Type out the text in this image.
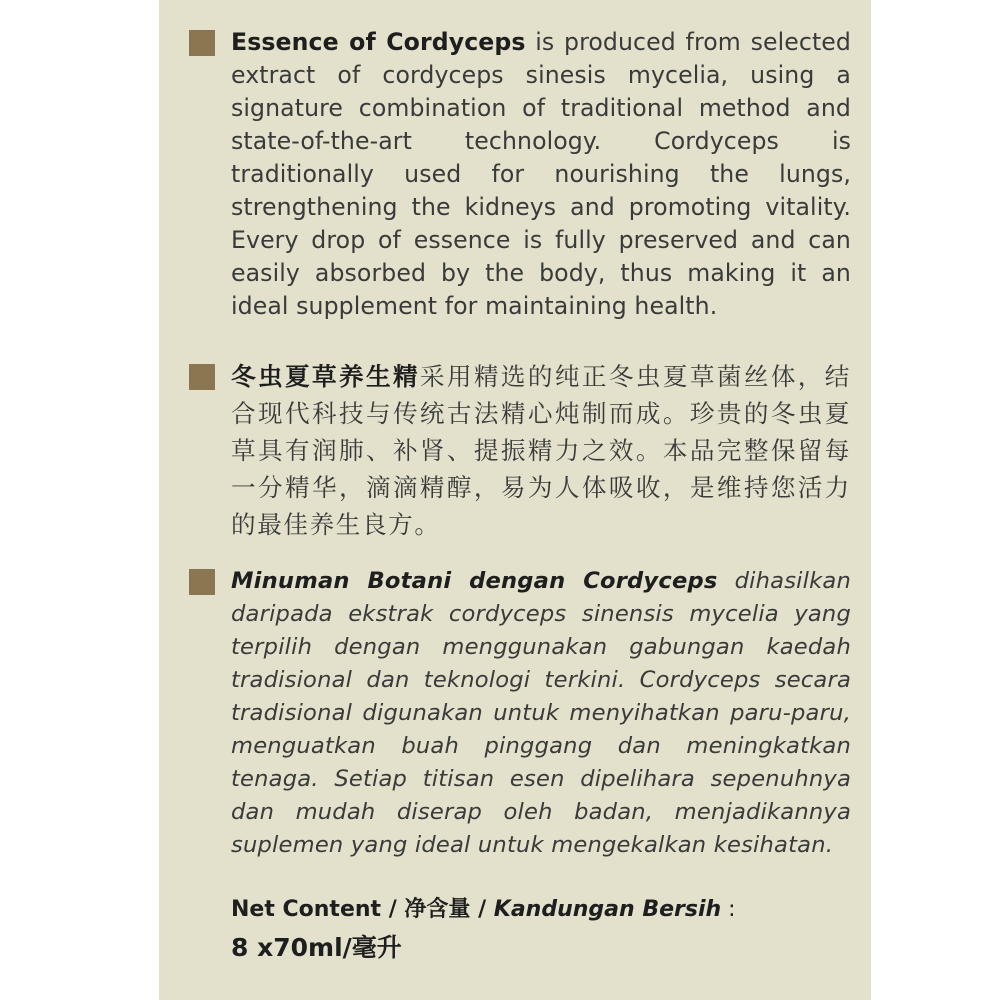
Essence of Cordyceps is produced from selected extract of cordyceps sinesis mycelia, using a signature combination of traditional method and state-of-the-art technology. Cordyceps is traditionally used for nourishing the lungs, strengthening the kidneys and promoting vitality. Every drop of essence is fully preserved and can easily absorbed by the body, thus making it an ideal supplement for maintaining health.

冬虫夏草养生精采用精选的纯正冬虫夏草菌丝体，结合现代科技与传统古法精心炖制而成。珍贵的冬虫夏草具有润肺、补肾、提振精力之效。本品完整保留每一分精华，滴滴精醇，易为人体吸收，是维持您活力的最佳养生良方。

Minuman Botani dengan Cordyceps dihasilkan daripada ekstrak cordyceps sinensis mycelia yang terpilih dengan menggunakan gabungan kaedah tradisional dan teknologi terkini. Cordyceps secara tradisional digunakan untuk menyihatkan paru-paru, menguatkan buah pinggang dan meningkatkan tenaga. Setiap titisan esen dipelihara sepenuhnya dan mudah diserap oleh badan, menjadikannya suplemen yang ideal untuk mengekalkan kesihatan.

Net Content / 净含量 / Kandungan Bersih :
8 x70ml/毫升
